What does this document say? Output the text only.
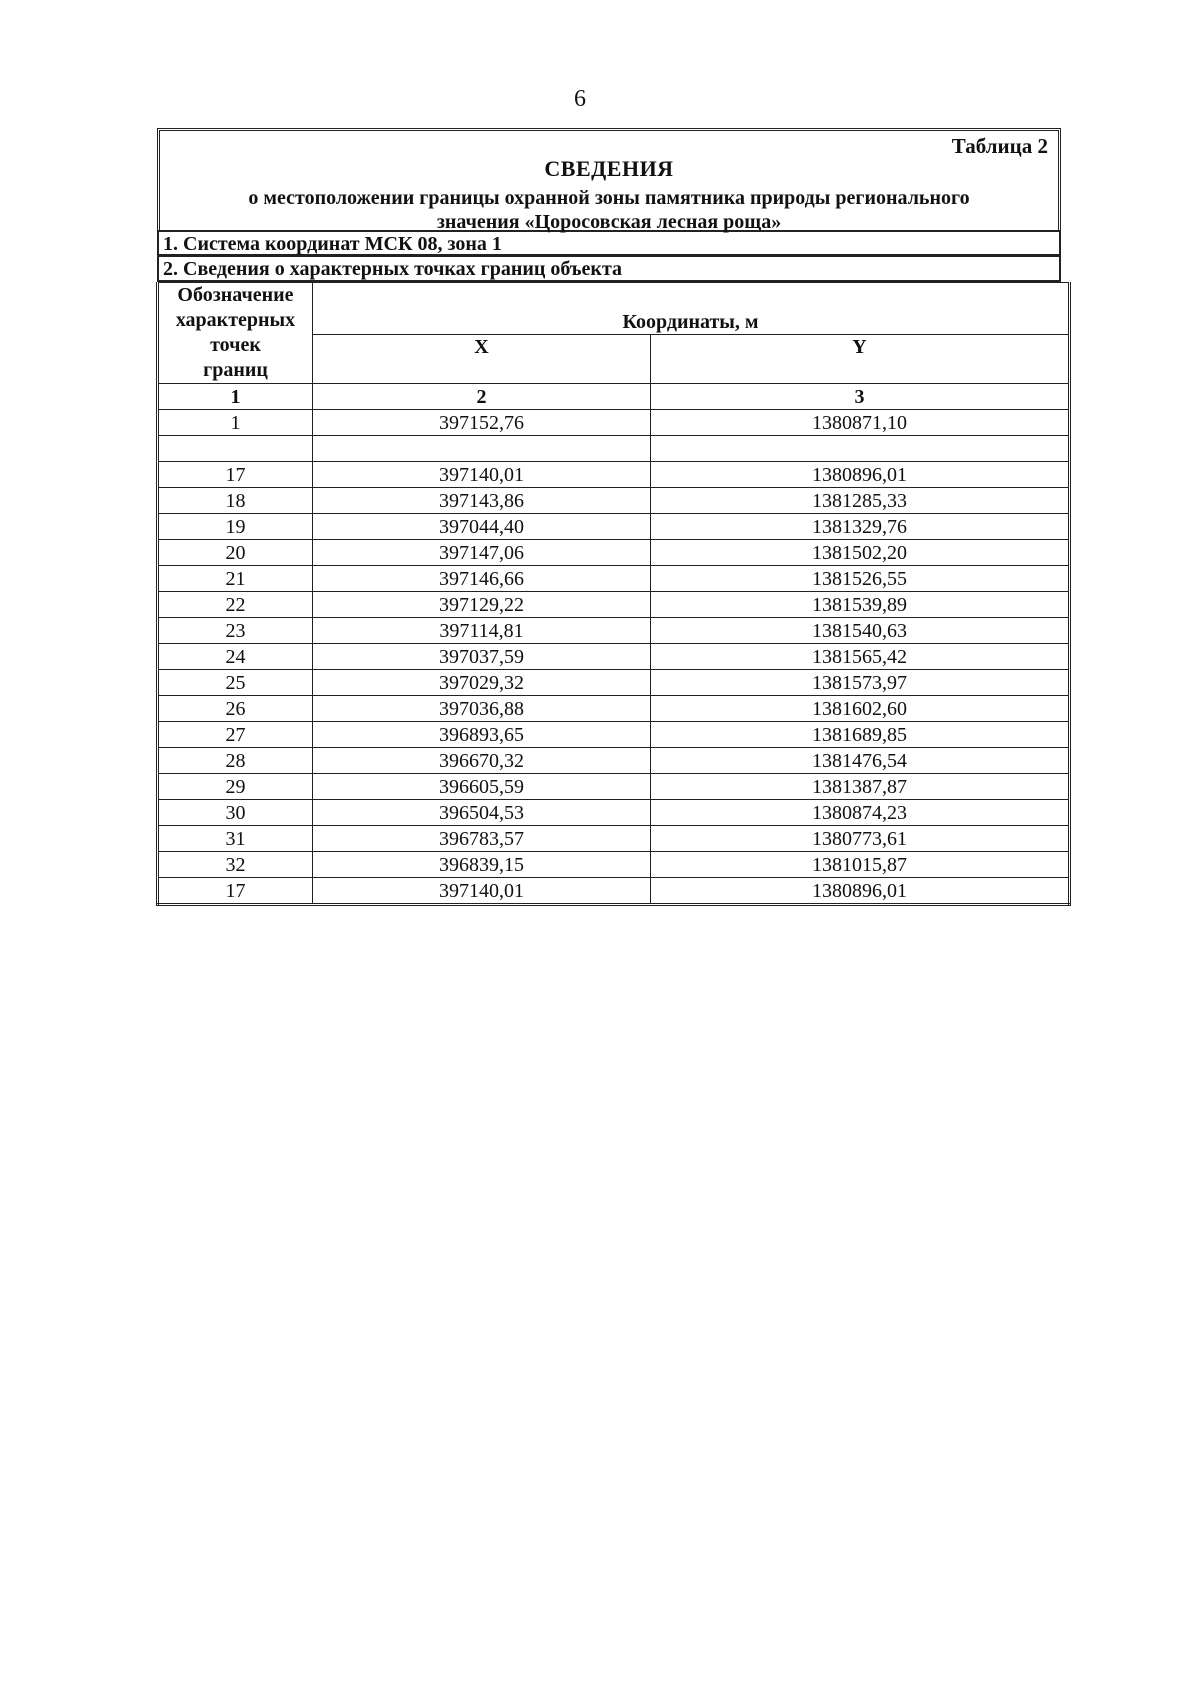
6
Таблица 2
СВЕДЕНИЯ
о местоположении границы охранной зоны памятника природы регионального
значения «Цоросовская лесная роща»
1. Система координат МСК 08, зона 1
2. Сведения о характерных точках границ объекта
Обозначение
характерных
точек
границ	Координаты, м	
	X	Y
1	2	3
1	397152,76	1380871,10

17	397140,01	1380896,01
18	397143,86	1381285,33
19	397044,40	1381329,76
20	397147,06	1381502,20
21	397146,66	1381526,55
22	397129,22	1381539,89
23	397114,81	1381540,63
24	397037,59	1381565,42
25	397029,32	1381573,97
26	397036,88	1381602,60
27	396893,65	1381689,85
28	396670,32	1381476,54
29	396605,59	1381387,87
30	396504,53	1380874,23
31	396783,57	1380773,61
32	396839,15	1381015,87
17	397140,01	1380896,01
